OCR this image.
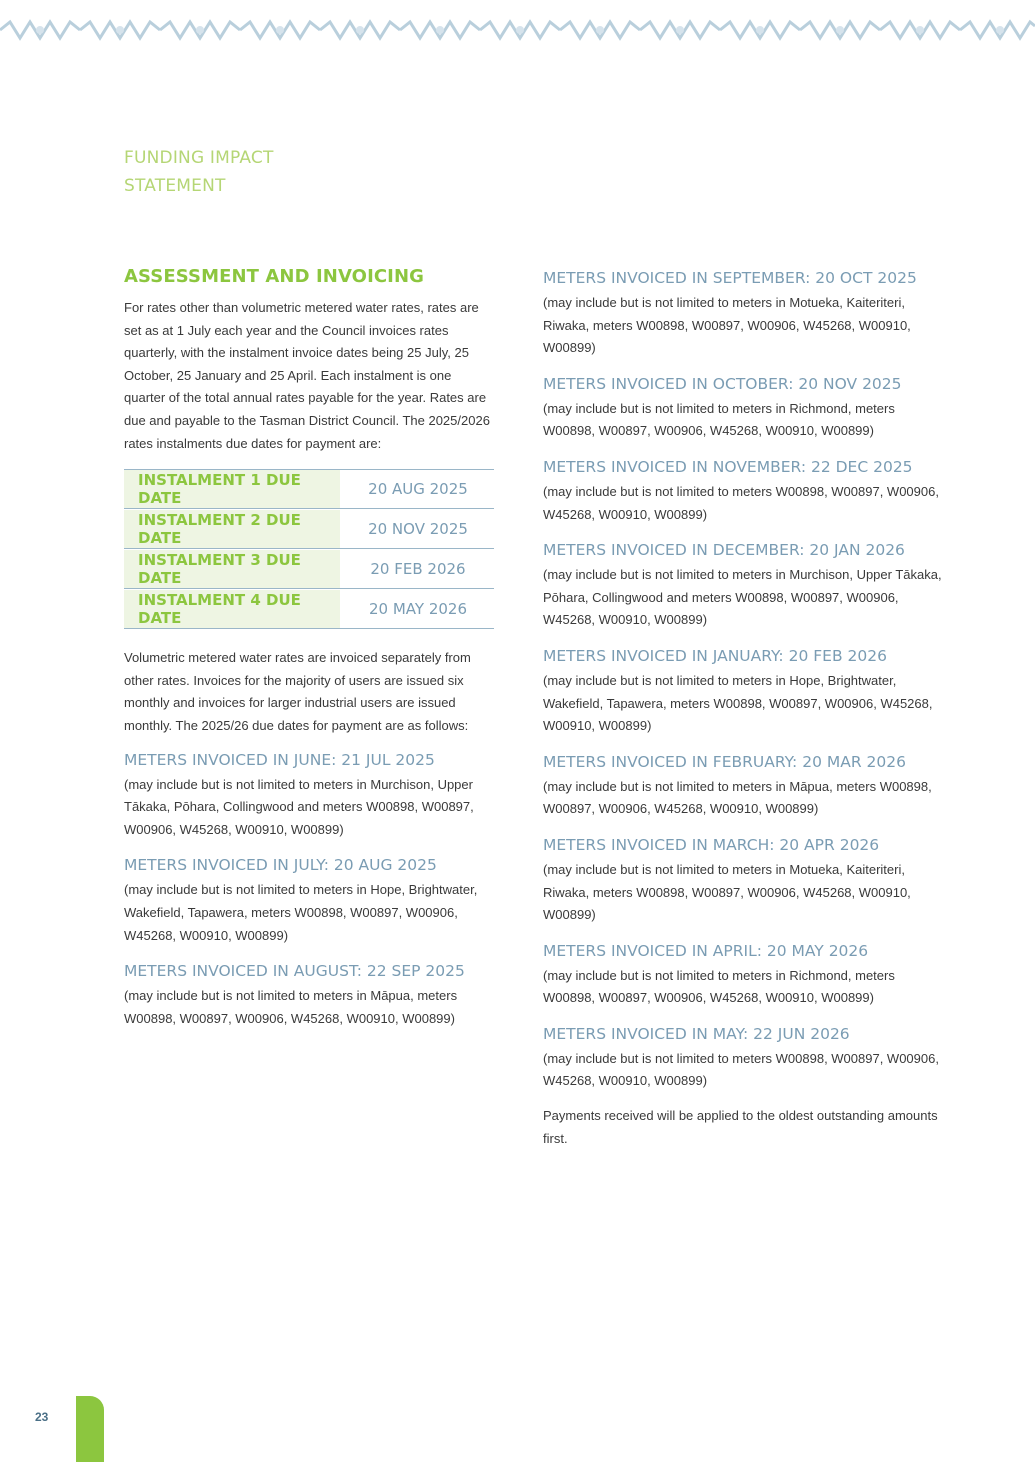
FUNDING IMPACT
STATEMENT
ASSESSMENT AND INVOICING

For rates other than volumetric metered water rates, rates are set as at 1 July each year and the Council invoices rates quarterly, with the instalment invoice dates being 25 July, 25 October, 25 January and 25 April. Each instalment is one quarter of the total annual rates payable for the year. Rates are due and payable to the Tasman District Council. The 2025/2026 rates instalments due dates for payment are:

INSTALMENT 1 DUE DATE	20 AUG 2025
INSTALMENT 2 DUE DATE	20 NOV 2025
INSTALMENT 3 DUE DATE	20 FEB 2026
INSTALMENT 4 DUE DATE	20 MAY 2026

Volumetric metered water rates are invoiced separately from other rates. Invoices for the majority of users are issued six monthly and invoices for larger industrial users are issued monthly. The 2025/26 due dates for payment are as follows:

METERS INVOICED IN JUNE: 21 JUL 2025

(may include but is not limited to meters in Murchison, Upper Tākaka, Pōhara, Collingwood and meters W00898, W00897, W00906, W45268, W00910, W00899)

METERS INVOICED IN JULY: 20 AUG 2025

(may include but is not limited to meters in Hope, Brightwater, Wakefield, Tapawera, meters W00898, W00897, W00906, W45268, W00910, W00899)

METERS INVOICED IN AUGUST: 22 SEP 2025

(may include but is not limited to meters in Māpua, meters W00898, W00897, W00906, W45268, W00910, W00899)

METERS INVOICED IN SEPTEMBER: 20 OCT 2025

(may include but is not limited to meters in Motueka, Kaiteriteri, Riwaka, meters W00898, W00897, W00906, W45268, W00910, W00899)

METERS INVOICED IN OCTOBER: 20 NOV 2025

(may include but is not limited to meters in Richmond, meters W00898, W00897, W00906, W45268, W00910, W00899)

METERS INVOICED IN NOVEMBER: 22 DEC 2025

(may include but is not limited to meters W00898, W00897, W00906, W45268, W00910, W00899)

METERS INVOICED IN DECEMBER: 20 JAN 2026

(may include but is not limited to meters in Murchison, Upper Tākaka, Pōhara, Collingwood and meters W00898, W00897, W00906, W45268, W00910, W00899)

METERS INVOICED IN JANUARY: 20 FEB 2026

(may include but is not limited to meters in Hope, Brightwater, Wakefield, Tapawera, meters W00898, W00897, W00906, W45268, W00910, W00899)

METERS INVOICED IN FEBRUARY: 20 MAR 2026

(may include but is not limited to meters in Māpua, meters W00898, W00897, W00906, W45268, W00910, W00899)

METERS INVOICED IN MARCH: 20 APR 2026

(may include but is not limited to meters in Motueka, Kaiteriteri, Riwaka, meters W00898, W00897, W00906, W45268, W00910, W00899)

METERS INVOICED IN APRIL: 20 MAY 2026

(may include but is not limited to meters in Richmond, meters W00898, W00897, W00906, W45268, W00910, W00899)

METERS INVOICED IN MAY: 22 JUN 2026

(may include but is not limited to meters W00898, W00897, W00906, W45268, W00910, W00899)

Payments received will be applied to the oldest outstanding amounts first.

23
